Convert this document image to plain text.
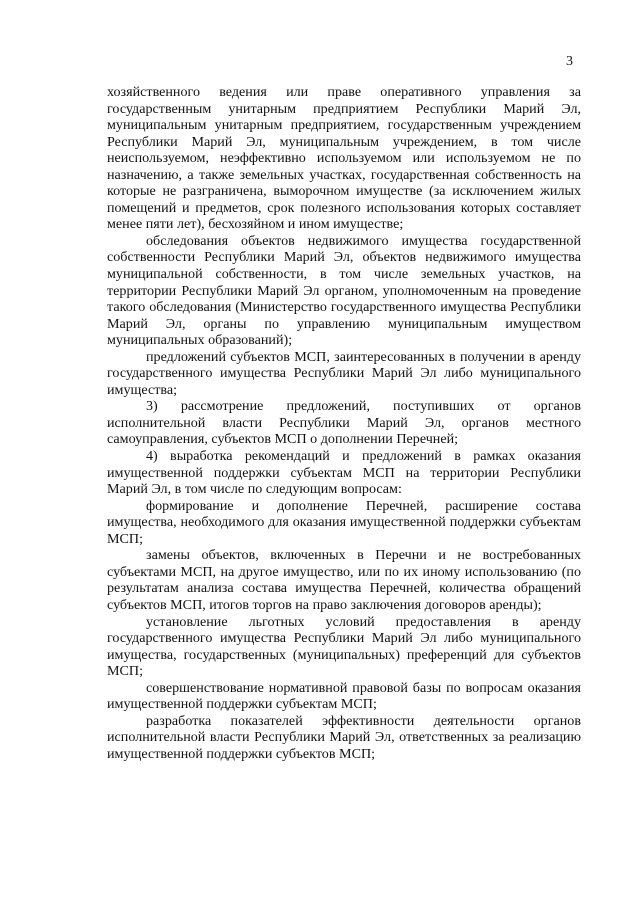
3

хозяйственного ведения или праве оперативного управления за государственным унитарным предприятием Республики Марий Эл, муниципальным унитарным предприятием, государственным учреждением Республики Марий Эл, муниципальным учреждением, в том числе неиспользуемом, неэффективно используемом или используемом не по назначению, а также земельных участках, государственная собственность на которые не разграничена, выморочном имуществе (за исключением жилых помещений и предметов, срок полезного использования которых составляет менее пяти лет), бесхозяйном и ином имуществе;

обследования объектов недвижимого имущества государственной собственности Республики Марий Эл, объектов недвижимого имущества муниципальной собственности, в том числе земельных участков, на территории Республики Марий Эл органом, уполномоченным на проведение такого обследования (Министерство государственного имущества Республики Марий Эл, органы по управлению муниципальным имуществом муниципальных образований);

предложений субъектов МСП, заинтересованных в получении в аренду государственного имущества Республики Марий Эл либо муниципального имущества;

3) рассмотрение предложений, поступивших от органов исполнительной власти Республики Марий Эл, органов местного самоуправления, субъектов МСП о дополнении Перечней;

4) выработка рекомендаций и предложений в рамках оказания имущественной поддержки субъектам МСП на территории Республики Марий Эл, в том числе по следующим вопросам:

формирование и дополнение Перечней, расширение состава имущества, необходимого для оказания имущественной поддержки субъектам МСП;

замены объектов, включенных в Перечни и не востребованных субъектами МСП, на другое имущество, или по их иному использованию (по результатам анализа состава имущества Перечней, количества обращений субъектов МСП, итогов торгов на право заключения договоров аренды);

установление льготных условий предоставления в аренду государственного имущества Республики Марий Эл либо муниципального имущества, государственных (муниципальных) преференций для субъектов МСП;

совершенствование нормативной правовой базы по вопросам оказания имущественной поддержки субъектам МСП;

разработка показателей эффективности деятельности органов исполнительной власти Республики Марий Эл, ответственных за реализацию имущественной поддержки субъектов МСП;
